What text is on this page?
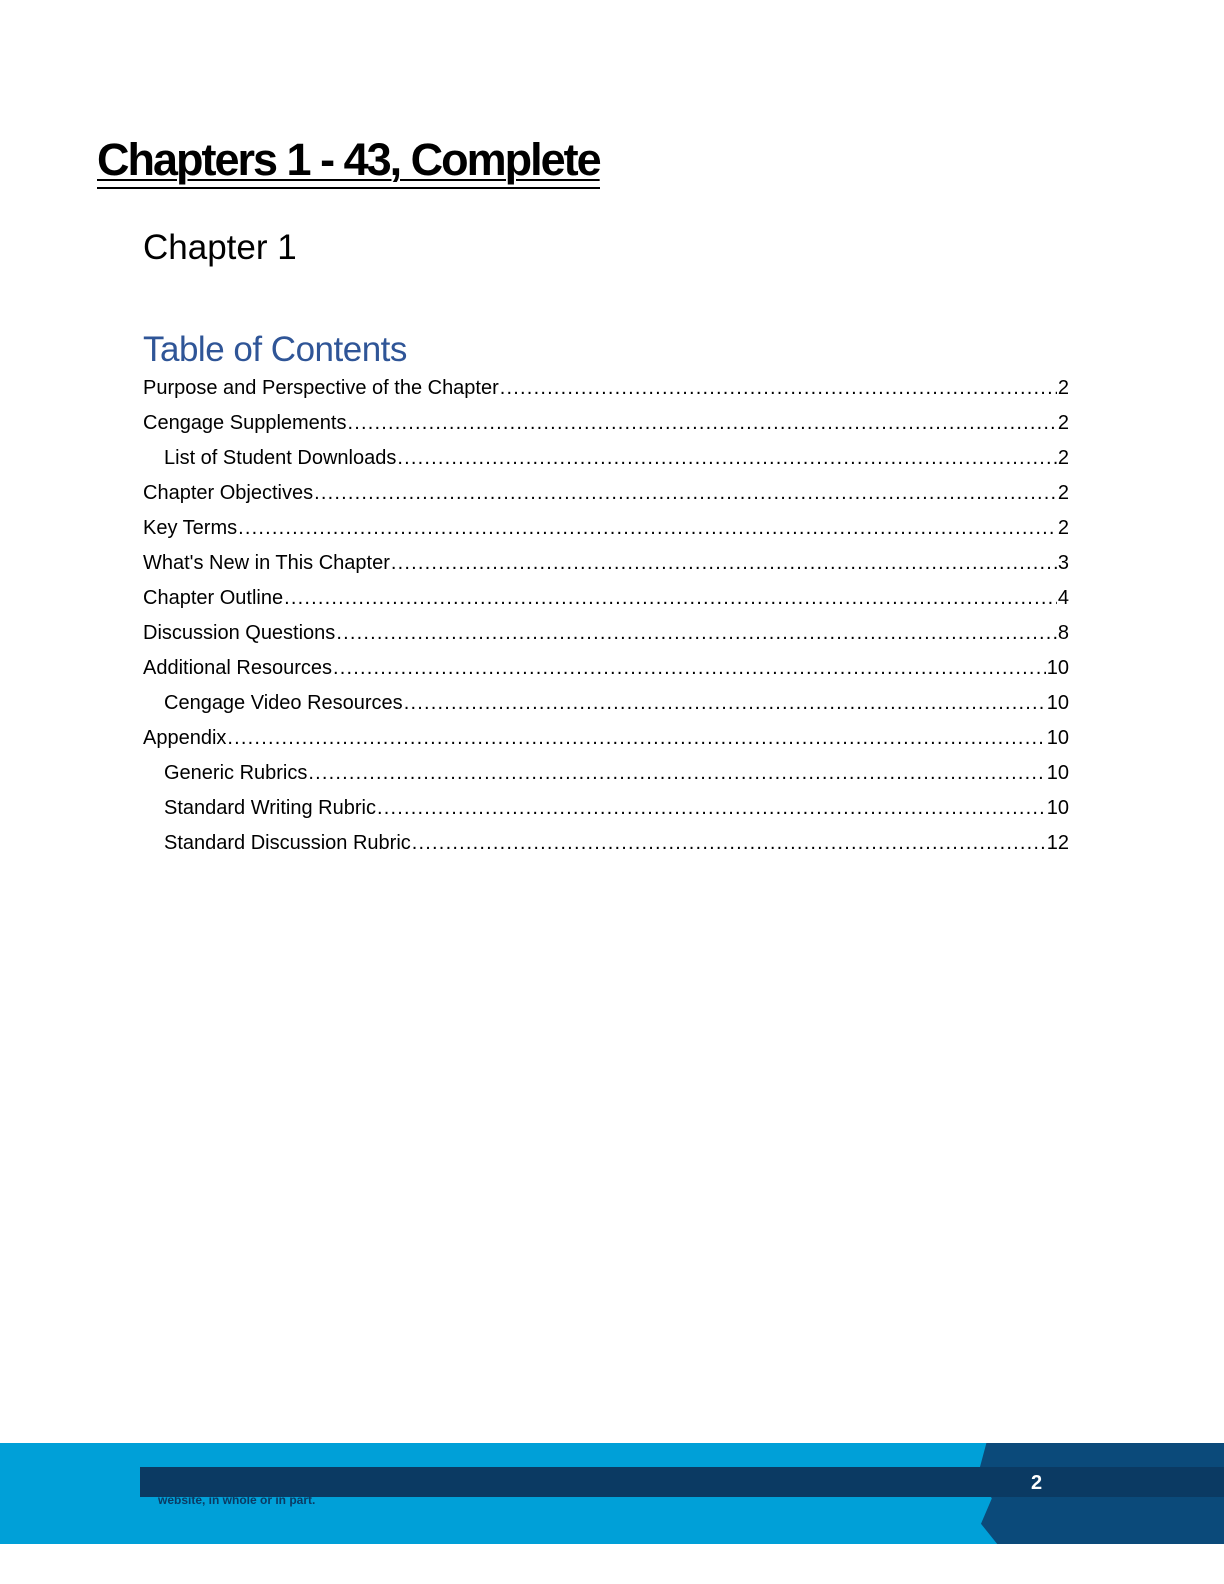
Chapters 1 - 43, Complete
Chapter 1
Table of Contents
Purpose and Perspective of the Chapter .....	2
Cengage Supplements .....	2
List of Student Downloads .....	2
Chapter Objectives .....	2
Key Terms .....	2
What's New in This Chapter .....	3
Chapter Outline .....	4
Discussion Questions .....	8
Additional Resources .....	10
Cengage Video Resources .....	10
Appendix .....	10
Generic Rubrics .....	10
Standard Writing Rubric .....	10
Standard Discussion Rubric .....	12
website, in whole or in part.
2
